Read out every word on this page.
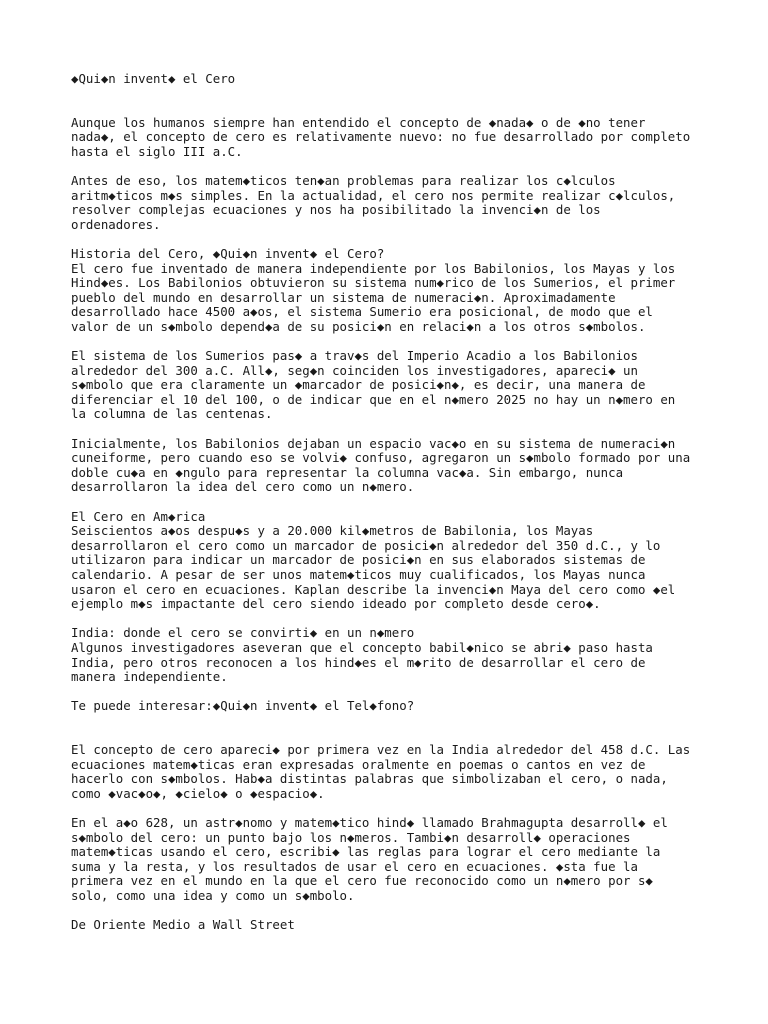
◆Qui◆n invent◆ el Cero
Aunque los humanos siempre han entendido el concepto de ◆nada◆ o de ◆no tener
nada◆, el concepto de cero es relativamente nuevo: no fue desarrollado por completo
hasta el siglo III a.C.
Antes de eso, los matem◆ticos ten◆an problemas para realizar los c◆lculos
aritm◆ticos m◆s simples. En la actualidad, el cero nos permite realizar c◆lculos,
resolver complejas ecuaciones y nos ha posibilitado la invenci◆n de los
ordenadores.
Historia del Cero, ◆Qui◆n invent◆ el Cero?
El cero fue inventado de manera independiente por los Babilonios, los Mayas y los
Hind◆es. Los Babilonios obtuvieron su sistema num◆rico de los Sumerios, el primer
pueblo del mundo en desarrollar un sistema de numeraci◆n. Aproximadamente
desarrollado hace 4500 a◆os, el sistema Sumerio era posicional, de modo que el
valor de un s◆mbolo depend◆a de su posici◆n en relaci◆n a los otros s◆mbolos.
El sistema de los Sumerios pas◆ a trav◆s del Imperio Acadio a los Babilonios
alrededor del 300 a.C. All◆, seg◆n coinciden los investigadores, apareci◆ un
s◆mbolo que era claramente un ◆marcador de posici◆n◆, es decir, una manera de
diferenciar el 10 del 100, o de indicar que en el n◆mero 2025 no hay un n◆mero en
la columna de las centenas.
Inicialmente, los Babilonios dejaban un espacio vac◆o en su sistema de numeraci◆n
cuneiforme, pero cuando eso se volvi◆ confuso, agregaron un s◆mbolo formado por una
doble cu◆a en ◆ngulo para representar la columna vac◆a. Sin embargo, nunca
desarrollaron la idea del cero como un n◆mero.
El Cero en Am◆rica
Seiscientos a◆os despu◆s y a 20.000 kil◆metros de Babilonia, los Mayas
desarrollaron el cero como un marcador de posici◆n alrededor del 350 d.C., y lo
utilizaron para indicar un marcador de posici◆n en sus elaborados sistemas de
calendario. A pesar de ser unos matem◆ticos muy cualificados, los Mayas nunca
usaron el cero en ecuaciones. Kaplan describe la invenci◆n Maya del cero como ◆el
ejemplo m◆s impactante del cero siendo ideado por completo desde cero◆.
India: donde el cero se convirti◆ en un n◆mero
Algunos investigadores aseveran que el concepto babil◆nico se abri◆ paso hasta
India, pero otros reconocen a los hind◆es el m◆rito de desarrollar el cero de
manera independiente.
Te puede interesar:◆Qui◆n invent◆ el Tel◆fono?
El concepto de cero apareci◆ por primera vez en la India alrededor del 458 d.C. Las
ecuaciones matem◆ticas eran expresadas oralmente en poemas o cantos en vez de
hacerlo con s◆mbolos. Hab◆a distintas palabras que simbolizaban el cero, o nada,
como ◆vac◆o◆, ◆cielo◆ o ◆espacio◆.
En el a◆o 628, un astr◆nomo y matem◆tico hind◆ llamado Brahmagupta desarroll◆ el
s◆mbolo del cero: un punto bajo los n◆meros. Tambi◆n desarroll◆ operaciones
matem◆ticas usando el cero, escribi◆ las reglas para lograr el cero mediante la
suma y la resta, y los resultados de usar el cero en ecuaciones. ◆sta fue la
primera vez en el mundo en la que el cero fue reconocido como un n◆mero por s◆
solo, como una idea y como un s◆mbolo.
De Oriente Medio a Wall Street
